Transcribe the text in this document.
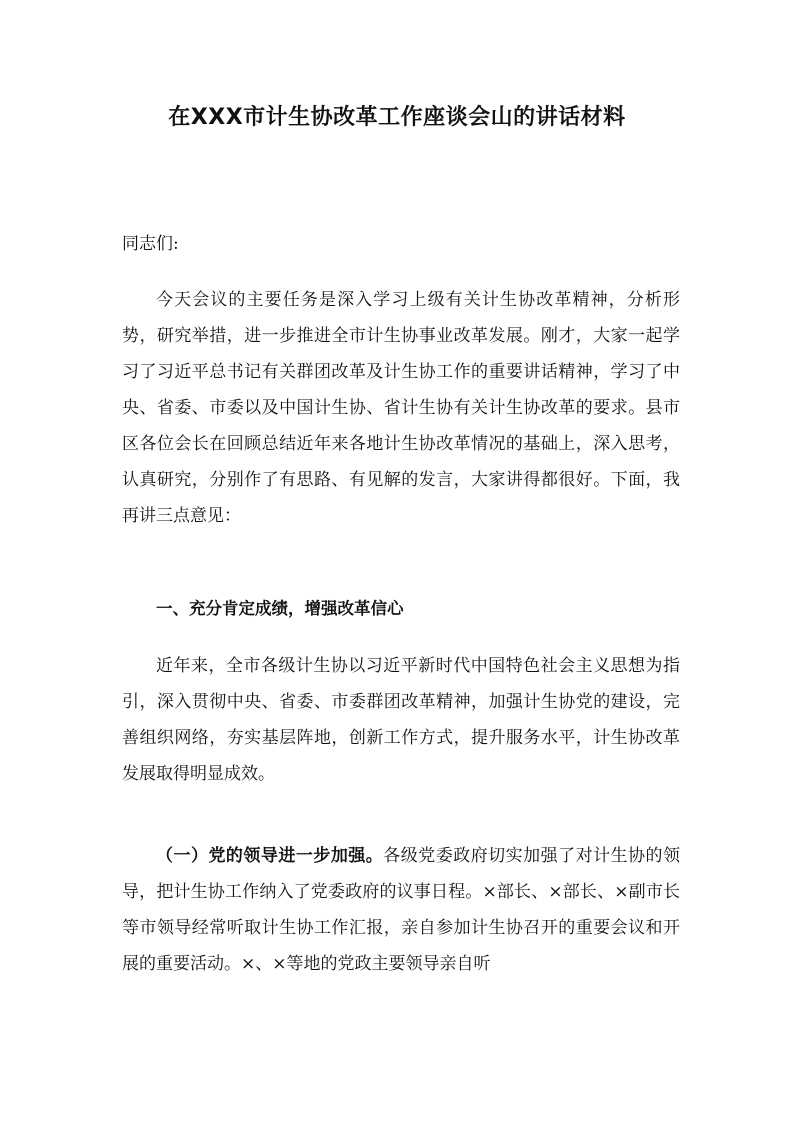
在XXX市计生协改革工作座谈会山的讲话材料

同志们:

今天会议的主要任务是深入学习上级有关计生协改革精神，分析形势，研究举措，进一步推进全市计生协事业改革发展。刚才，大家一起学习了习近平总书记有关群团改革及计生协工作的重要讲话精神，学习了中央、省委、市委以及中国计生协、省计生协有关计生协改革的要求。县市区各位会长在回顾总结近年来各地计生协改革情况的基础上，深入思考，认真研究，分别作了有思路、有见解的发言，大家讲得都很好。下面，我再讲三点意见：

一、充分肯定成绩，增强改革信心

近年来，全市各级计生协以习近平新时代中国特色社会主义思想为指引，深入贯彻中央、省委、市委群团改革精神，加强计生协党的建设，完善组织网络，夯实基层阵地，创新工作方式，提升服务水平，计生协改革发展取得明显成效。

（一）党的领导进一步加强。各级党委政府切实加强了对计生协的领导，把计生协工作纳入了党委政府的议事日程。×部长、×部长、×副市长等市领导经常听取计生协工作汇报，亲自参加计生协召开的重要会议和开展的重要活动。×、×等地的党政主要领导亲自听
